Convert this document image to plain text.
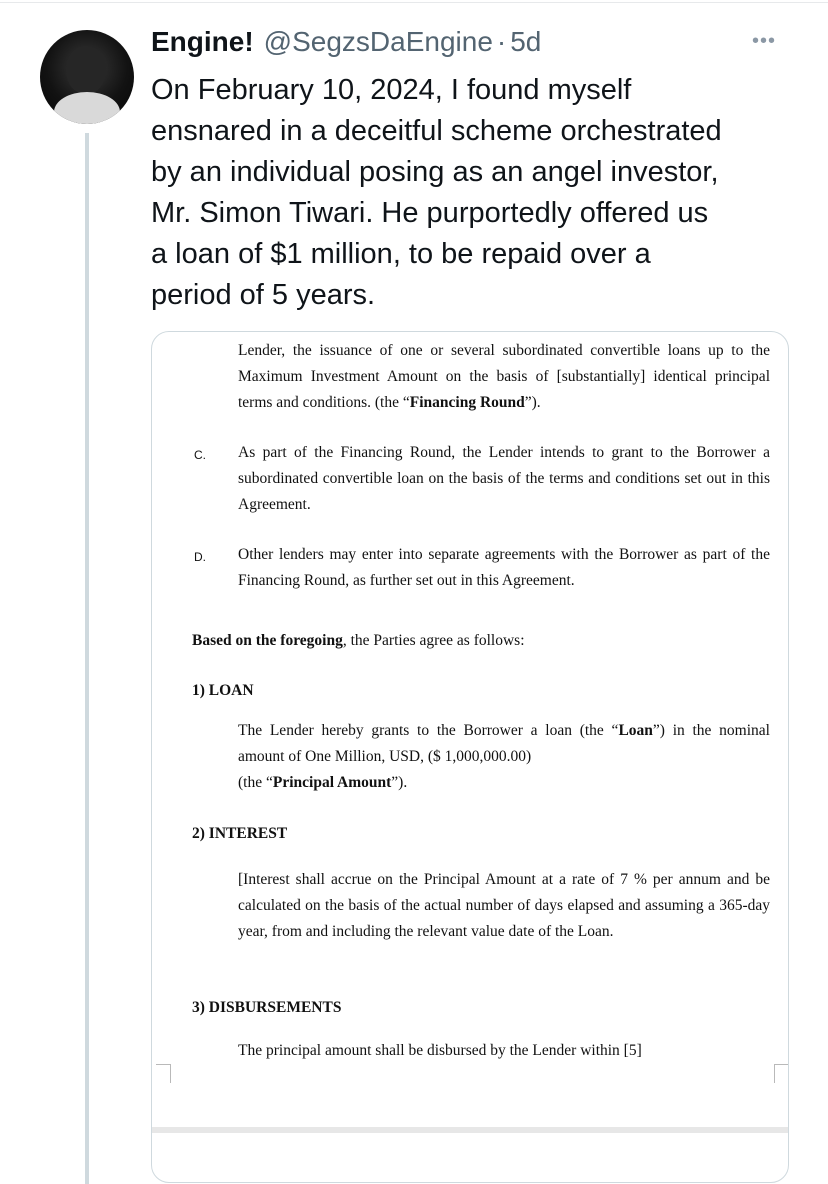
Engine! @SegzsDaEngine · 5d	•••

On February 10, 2024, I found myself
ensnared in a deceitful scheme orchestrated
by an individual posing as an angel investor,
Mr. Simon Tiwari. He purportedly offered us
a loan of $1 million, to be repaid over a
period of 5 years.

Lender, the issuance of one or several subordinated convertible loans up to the Maximum Investment Amount on the basis of [substantially] identical principal terms and conditions. (the “Financing Round”).

C. As part of the Financing Round, the Lender intends to grant to the Borrower a subordinated convertible loan on the basis of the terms and conditions set out in this Agreement.

D. Other lenders may enter into separate agreements with the Borrower as part of the Financing Round, as further set out in this Agreement.

Based on the foregoing, the Parties agree as follows:

1) LOAN

The Lender hereby grants to the Borrower a loan (the “Loan”) in the nominal amount of One Million, USD, ($ 1,000,000.00)
(the “Principal Amount”).

2) INTEREST

[Interest shall accrue on the Principal Amount at a rate of 7 % per annum and be calculated on the basis of the actual number of days elapsed and assuming a 365-day year, from and including the relevant value date of the Loan.

3) DISBURSEMENTS

The principal amount shall be disbursed by the Lender within [5]
